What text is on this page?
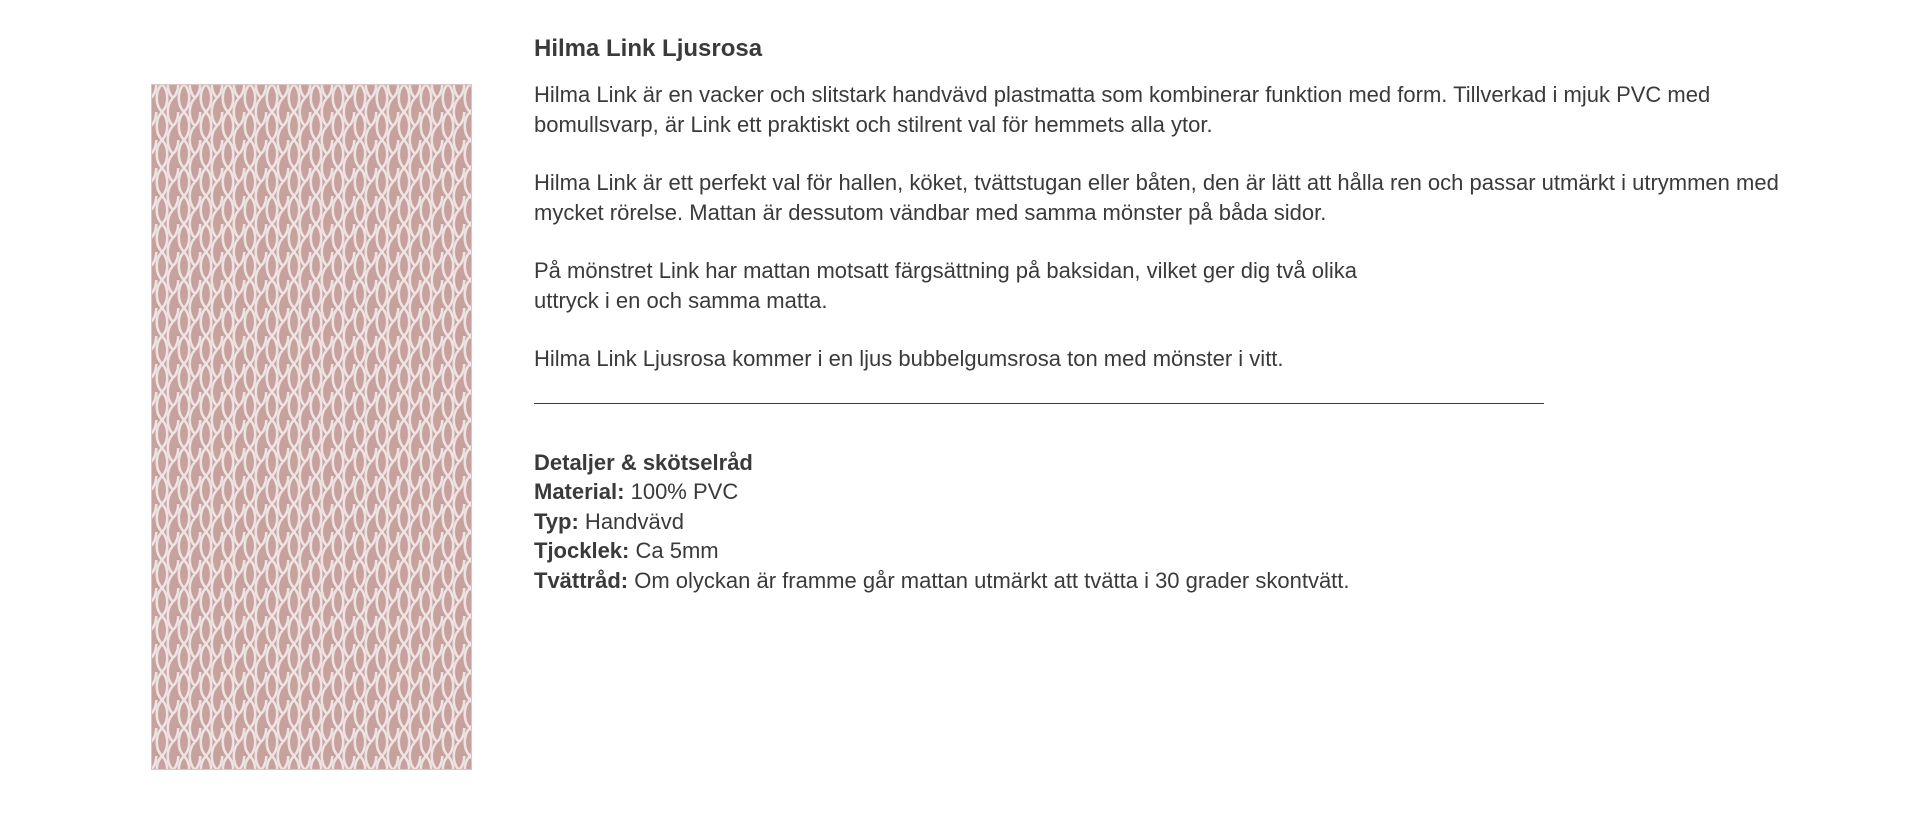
Hilma Link Ljusrosa

Hilma Link är en vacker och slitstark handvävd plastmatta som kombinerar funktion med form. Tillverkad i mjuk PVC med bomullsvarp, är Link ett praktiskt och stilrent val för hemmets alla ytor.

Hilma Link är ett perfekt val för hallen, köket, tvättstugan eller båten, den är lätt att hålla ren och passar utmärkt i utrymmen med mycket rörelse. Mattan är dessutom vändbar med samma mönster på båda sidor.

På mönstret Link har mattan motsatt färgsättning på baksidan, vilket ger dig två olika
uttryck i en och samma matta.

Hilma Link Ljusrosa kommer i en ljus bubbelgumsrosa ton med mönster i vitt.

Detaljer & skötselråd

Material: 100% PVC

Typ: Handvävd

Tjocklek: Ca 5mm

Tvättråd: Om olyckan är framme går mattan utmärkt att tvätta i 30 grader skontvätt.
